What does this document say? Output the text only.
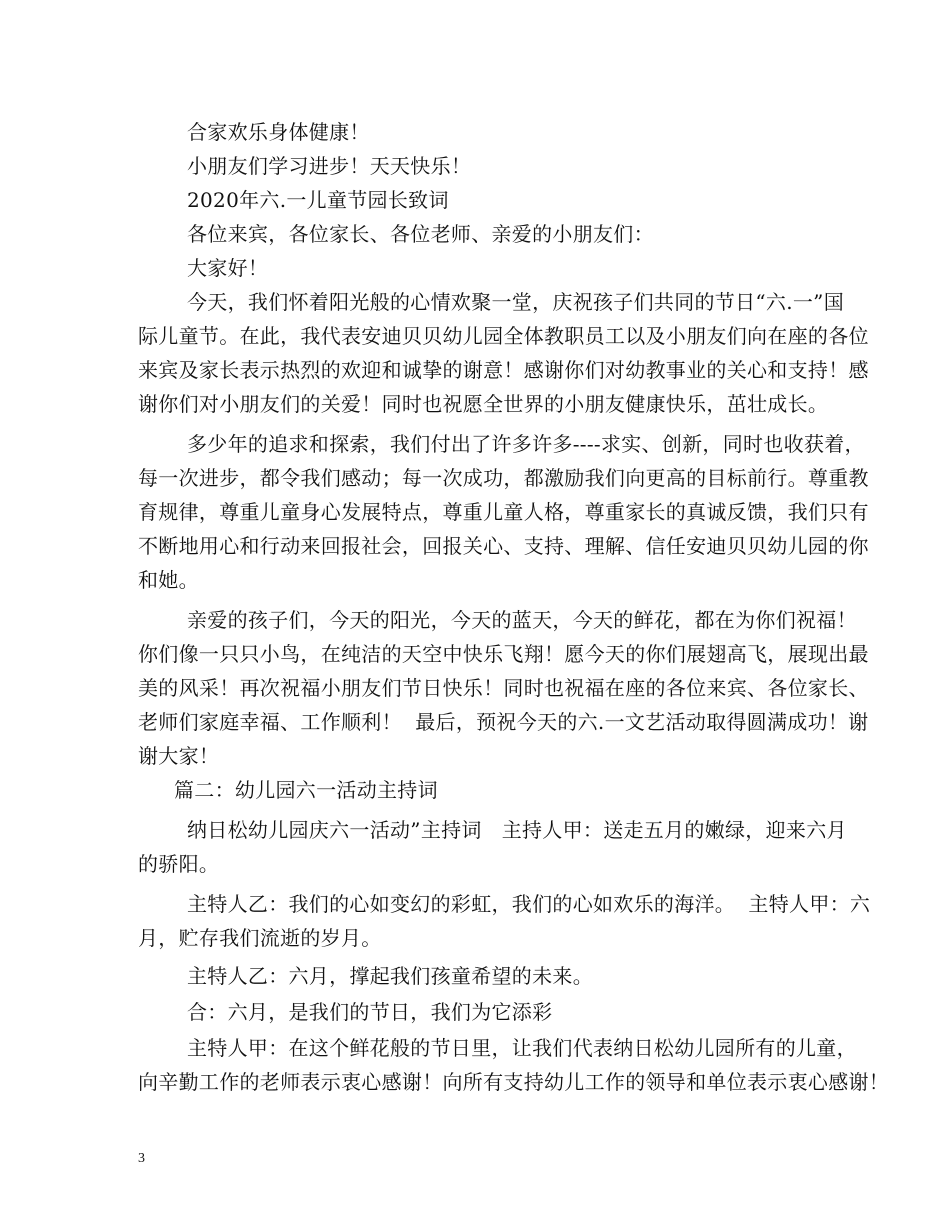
合家欢乐身体健康！
小朋友们学习进步！天天快乐！
2020年六.一儿童节园长致词
各位来宾，各位家长、各位老师、亲爱的小朋友们：
大家好！
今天，我们怀着阳光般的心情欢聚一堂，庆祝孩子们共同的节日“六.一”国
际儿童节。在此，我代表安迪贝贝幼儿园全体教职员工以及小朋友们向在座的各位
来宾及家长表示热烈的欢迎和诚挚的谢意！感谢你们对幼教事业的关心和支持！感
谢你们对小朋友们的关爱！同时也祝愿全世界的小朋友健康快乐，茁壮成长。
多少年的追求和探索，我们付出了许多许多----求实、创新，同时也收获着，
每一次进步，都令我们感动；每一次成功，都激励我们向更高的目标前行。尊重教
育规律，尊重儿童身心发展特点，尊重儿童人格，尊重家长的真诚反馈，我们只有
不断地用心和行动来回报社会，回报关心、支持、理解、信任安迪贝贝幼儿园的你
和她。
亲爱的孩子们，今天的阳光，今天的蓝天，今天的鲜花，都在为你们祝福！
你们像一只只小鸟，在纯洁的天空中快乐飞翔！愿今天的你们展翅高飞，展现出最
美的风采！再次祝福小朋友们节日快乐！同时也祝福在座的各位来宾、各位家长、
老师们家庭幸福、工作顺利！  最后，预祝今天的六.一文艺活动取得圆满成功！谢
谢大家！
篇二：幼儿园六一活动主持词
纳日松幼儿园庆六一活动”主持词   主持人甲：送走五月的嫩绿，迎来六月
的骄阳。
主特人乙：我们的心如变幻的彩虹，我们的心如欢乐的海洋。  主特人甲：六
月，贮存我们流逝的岁月。
主特人乙：六月，撑起我们孩童希望的未来。
合：六月，是我们的节日，我们为它添彩
主特人甲：在这个鲜花般的节日里，让我们代表纳日松幼儿园所有的儿童，
向辛勤工作的老师表示衷心感谢！向所有支持幼儿工作的领导和单位表示衷心感谢！
3
